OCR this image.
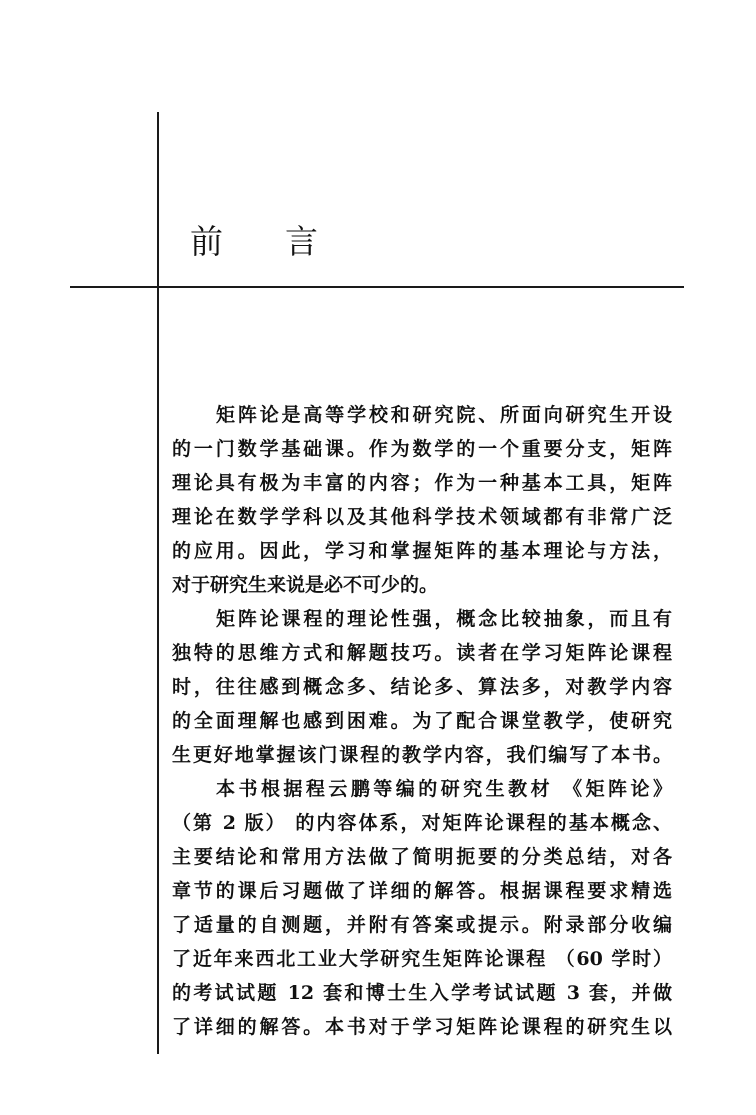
前 言
矩阵论是高等学校和研究院、所面向研究生开设
的一门数学基础课。作为数学的一个重要分支，矩阵
理论具有极为丰富的内容；作为一种基本工具，矩阵
理论在数学学科以及其他科学技术领域都有非常广泛
的应用。因此，学习和掌握矩阵的基本理论与方法，
对于研究生来说是必不可少的。
矩阵论课程的理论性强，概念比较抽象，而且有
独特的思维方式和解题技巧。读者在学习矩阵论课程
时，往往感到概念多、结论多、算法多，对教学内容
的全面理解也感到困难。为了配合课堂教学，使研究
生更好地掌握该门课程的教学内容，我们编写了本书。
本书根据程云鹏等编的研究生教材 《矩阵论》
（第 2 版） 的内容体系，对矩阵论课程的基本概念、
主要结论和常用方法做了简明扼要的分类总结，对各
章节的课后习题做了详细的解答。根据课程要求精选
了适量的自测题，并附有答案或提示。附录部分收编
了近年来西北工业大学研究生矩阵论课程 （60 学时）
的考试试题 12 套和博士生入学考试试题 3 套，并做
了详细的解答。本书对于学习矩阵论课程的研究生以
